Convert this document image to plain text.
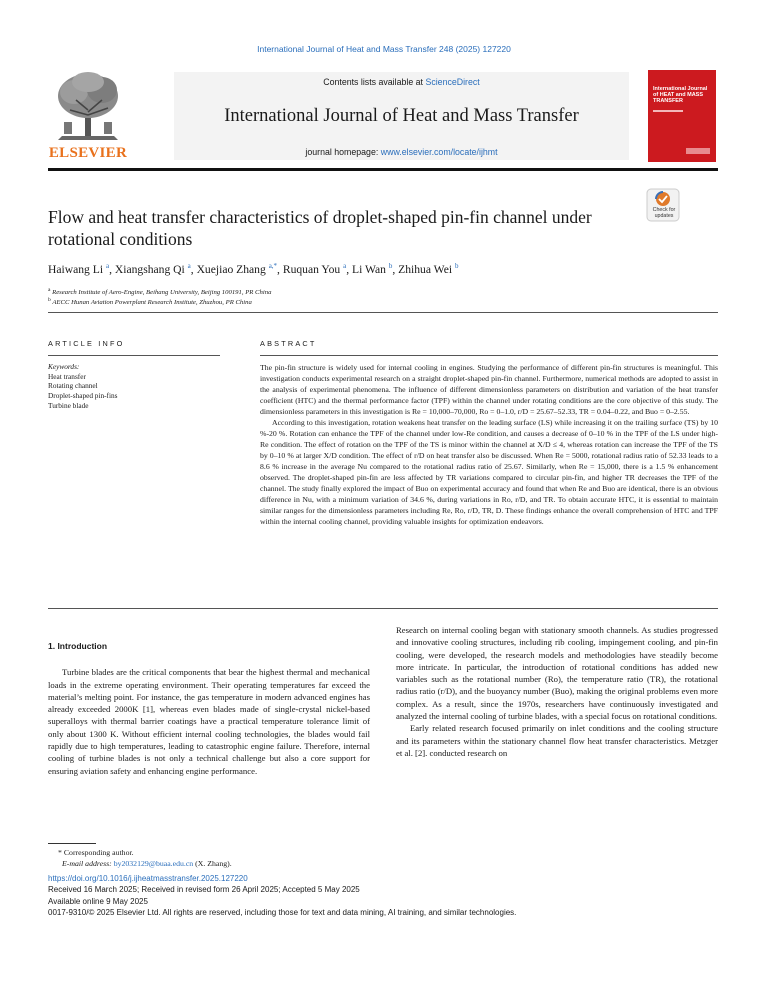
International Journal of Heat and Mass Transfer 248 (2025) 127220
ELSEVIER
Contents lists available at ScienceDirect
International Journal of Heat and Mass Transfer
journal homepage: www.elsevier.com/locate/ijhmt
International Journal of HEAT and MASS TRANSFER
Flow and heat transfer characteristics of droplet-shaped pin-fin channel under rotational conditions
Check for updates
Haiwang Li $^a$, Xiangshang Qi $^a$, Xuejiao Zhang $^{a,*}$, Ruquan You $^a$, Li Wan $^b$, Zhihua Wei $^b$
$^a$ Research Institute of Aero-Engine, Beihang University, Beijing 100191, PR China
$^b$ AECC Hunan Aviation Powerplant Research Institute, Zhuzhou, PR China
ARTICLE INFO
Keywords:
Heat transfer
Rotating channel
Droplet-shaped pin-fins
Turbine blade
ABSTRACT

The pin-fin structure is widely used for internal cooling in engines. Studying the performance of different pin-fin structures is meaningful. This investigation conducts experimental research on a straight droplet-shaped pin-fin channel. Furthermore, numerical methods are adopted to assist in the analysis of experimental phenomena. The influence of different dimensionless parameters on distribution and variation of the heat transfer coefficient (HTC) and the thermal performance factor (TPF) within the channel under rotating conditions are the core objective of this study. The dimensionless parameters in this investigation is Re = 10,000–70,000, Ro = 0–1.0, r/D = 25.67–52.33, TR = 0.04–0.22, and Buo = 0–2.55.

According to this investigation, rotation weakens heat transfer on the leading surface (LS) while increasing it on the trailing surface (TS) by 10 %-20 %. Rotation can enhance the TPF of the channel under low-Re condition, and causes a decrease of 0–10 % in the TPF of the LS under high-Re condition. The effect of rotation on the TPF of the TS is minor within the channel at X/D ≤ 4, whereas rotation can increase the TPF of the TS by 0–10 % at larger X/D condition. The effect of r/D on heat transfer also be discussed. When Re = 5000, rotational radius ratio of 52.33 leads to a 8.6 % increase in the average Nu compared to the rotational radius ratio of 25.67. Similarly, when Re = 15,000, there is a 1.5 % enhancement observed. The droplet-shaped pin-fin are less affected by TR variations compared to circular pin-fin, and higher TR decreases the TPF of the channel. The study finally explored the impact of Buo on experimental accuracy and found that when Re and Buo are identical, there is an obvious difference in Nu, with a minimum variation of 34.6 %, during variations in Ro, r/D, and TR. To obtain accurate HTC, it is essential to maintain similar ranges for the dimensionless parameters including Re, Ro, r/D, TR, D. These findings enhance the overall comprehension of HTC and TPF within the internal cooling channel, providing valuable insights for optimization endeavors.

1. Introduction

Turbine blades are the critical components that bear the highest thermal and mechanical loads in the extreme operating environment. Their operating temperatures far exceed the material’s melting point. For instance, the gas temperature in modern advanced engines has already exceeded 2000K [1], whereas even blades made of single-crystal nickel-based superalloys with thermal barrier coatings have a practical temperature tolerance limit of only about 1300 K. Without efficient internal cooling technologies, the blades would fail rapidly due to high temperatures, leading to catastrophic engine failure. Therefore, internal cooling of turbine blades is not only a technical challenge but also a core support for ensuring aviation safety and enhancing engine performance.

Research on internal cooling began with stationary smooth channels. As studies progressed and innovative cooling structures, including rib cooling, impingement cooling, and pin-fin cooling, were developed, the research models and methodologies have steadily become more intricate. In particular, the introduction of rotational conditions has added new variables such as the rotational number (Ro), the temperature ratio (TR), the rotational radius ratio (r/D), and the buoyancy number (Buo), making the original problems even more complex. As a result, since the 1970s, researchers have continuously investigated and analyzed the internal cooling of turbine blades, with a special focus on rotational conditions.

Early related research focused primarily on inlet conditions and the cooling structure and its parameters within the stationary channel flow heat transfer characteristics. Metzger et al. [2]. conducted research on

* Corresponding author.
E-mail address: by2032129@buaa.edu.cn (X. Zhang).
https://doi.org/10.1016/j.ijheatmasstransfer.2025.127220
Received 16 March 2025; Received in revised form 26 April 2025; Accepted 5 May 2025
Available online 9 May 2025
0017-9310/© 2025 Elsevier Ltd. All rights are reserved, including those for text and data mining, AI training, and similar technologies.
